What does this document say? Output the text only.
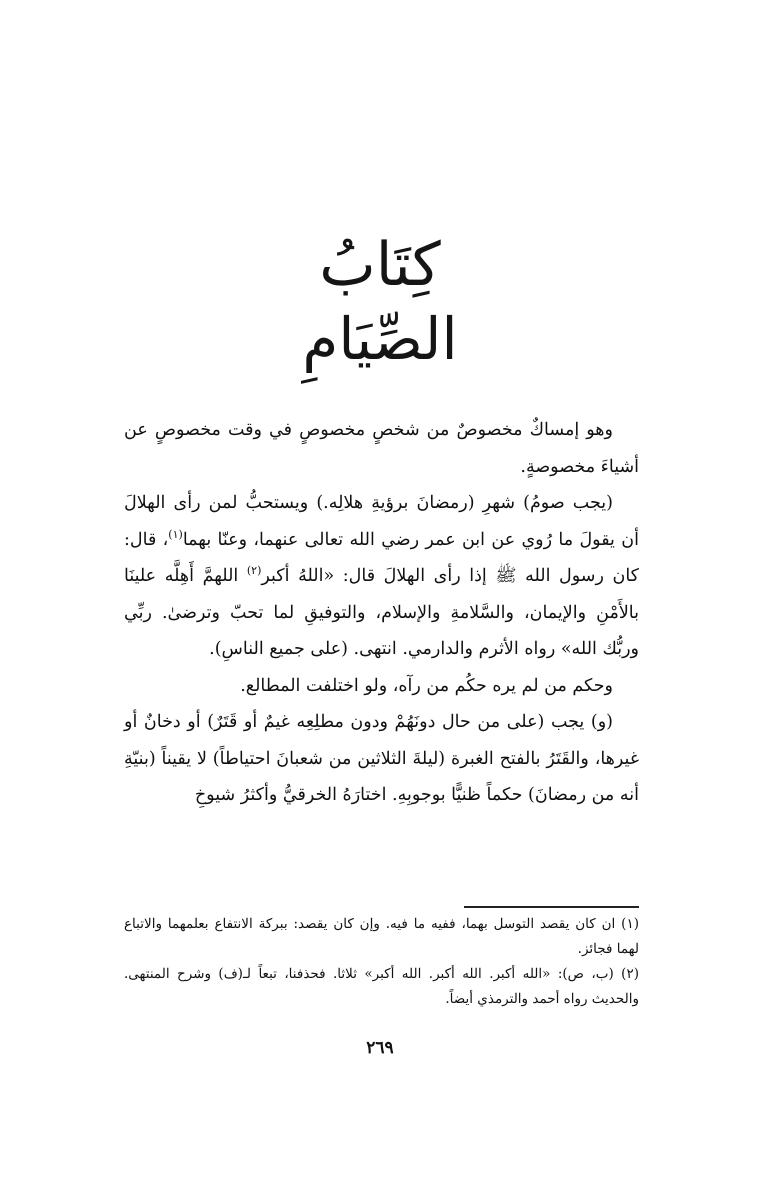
كِتَابُ
الصِّيَامِ

وهو إمساكٌ مخصوصٌ من شخصٍ مخصوصٍ في وقت مخصوصٍ عن أشياءَ مخصوصةٍ.

(يجب صومُ) شهرِ (رمضانَ برؤيةِ هلالِه.) ويستحبُّ لمن رأى الهلالَ أن يقولَ ما رُوي عن ابن عمر رضي الله تعالى عنهما، وعنّا بهما$^{(١)}$، قال: كان رسول الله ﷺ إذا رأى الهلالَ قال: «اللهُ أكبر$^{(٢)}$ اللهمَّ أَهِلَّه علينَا بالأَمْنِ والإيمان، والسَّلامةِ والإسلام، والتوفيقِ لما تحبّ وترضىٰ. ربِّي وربُّك الله» رواه الأثرم والدارمي. انتهى. (على جميع الناسِ).

وحكم من لم يره حكُم من رآه، ولو اختلفت المطالع.

(و) يجب (على من حال دونَهُمْ ودون مطلِعِه غيمٌ أو قَتَرٌ) أو دخانٌ أو غيرها، والقَتَرُ بالفتح الغبرة (ليلةَ الثلاثين من شعبانَ احتياطاً) لا يقيناً (بنيّةِ أنه من رمضانَ) حكماً ظنيًّا بوجوبِهِ. اختارَهُ الخرقيُّ وأكثرُ شيوخِ

(١) ان كان يقصد التوسل بهما، ففيه ما فيه. وإن كان يقصد: ببركة الانتفاع بعلمهما والاتباع لهما فجائز.

(٢) (ب، ص): «الله أكبر. الله أكبر. الله أكبر» ثلاثا. فحذفنا، تبعاً لـ(ف) وشرح المنتهى. والحديث رواه أحمد والترمذي أيضاً.

٢٦٩
